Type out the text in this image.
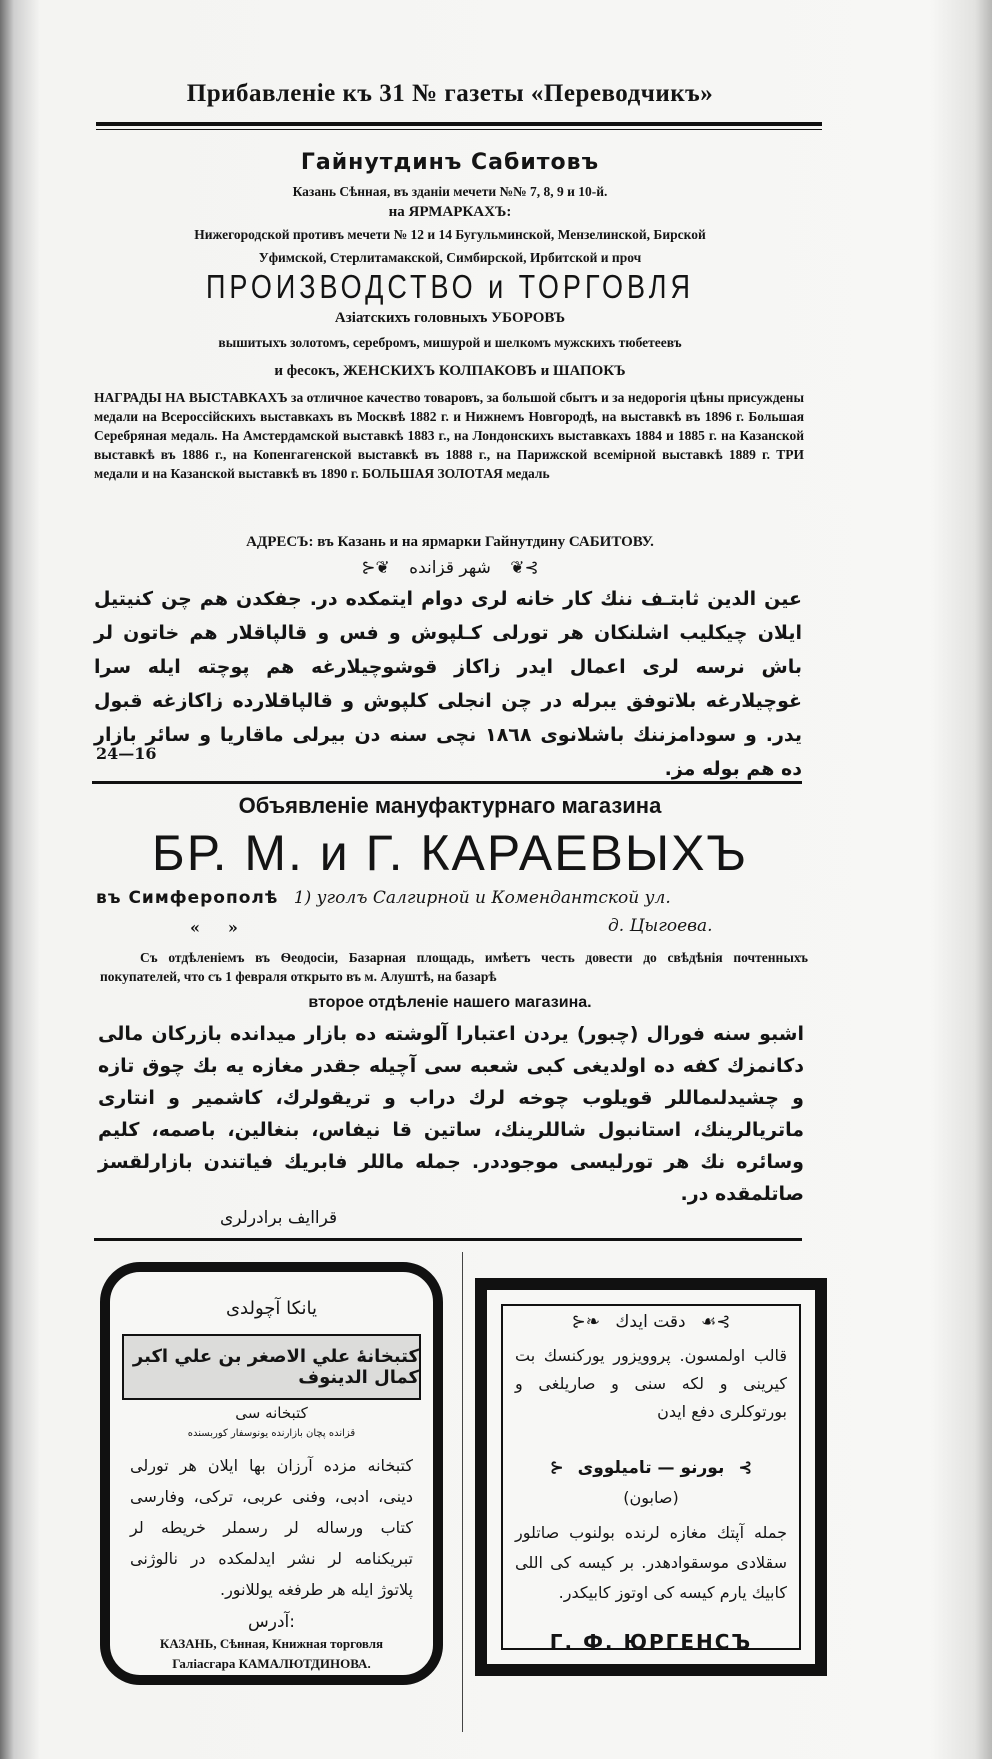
Прибавленіе къ 31 № газеты «Переводчикъ»
Гайнутдинъ Сабитовъ
Казань Сѣнная, въ зданіи мечети №№ 7, 8, 9 и 10-й.
на ЯРМАРКАХЪ:
Нижегородской противъ мечети № 12 и 14 Бугульминской, Мензелинской, Бирской
Уфимской, Стерлитамакской, Симбирской, Ирбитской и проч
ПРОИЗВОДСТВО и ТОРГОВЛЯ
Азіатскихъ головныхъ УБОРОВЪ
вышитыхъ золотомъ, серебромъ, мишурой и шелкомъ мужскихъ тюбетеевъ
и фесокъ, ЖЕНСКИХЪ КОЛПАКОВЪ и ШАПОКЪ
НАГРАДЫ НА ВЫСТАВКАХЪ за отличное качество товаровъ, за большой сбытъ и за недорогія цѣны присуждены медали на Всероссійскихъ выставкахъ въ Москвѣ 1882 г. и Нижнемъ Новгородѣ, на выставкѣ въ 1896 г. Большая Серебряная медаль. На Амстердамской выставкѣ 1883 г., на Лондонскихъ выставкахъ 1884 и 1885 г. на Казанской выставкѣ въ 1886 г., на Копенгагенской выставкѣ въ 1888 г., на Парижской всемірной выставкѣ 1889 г. ТРИ медали и на Казанской выставкѣ въ 1890 г. БОЛЬШАЯ ЗОЛОТАЯ медаль
АДРЕСЪ: въ Казань и на ярмарки Гайнутдину САБИТОВУ.
⊱❦ شهر قزانده ❦⊰
عين الدين ثابتـف ننك كار خانه لرى دوام ايتمكده در. جفكدن هم چن كنيتيل ايلان چيكليب اشلنكان هر تورلى كـلپوش و فس و قالپاقلار هم خاتون لر باش نرسه لرى اعمال ايدر زاكاز قوشوچيلارغه هم پوچته ايله سرا غوچيلارغه بلاتوفق يبرله در چن انجلى كلپوش و قالپاقلارده زاكازغه قبول يدر. و سودامزننك باشلانوى ۱۸٦۸ نچى سنه دن بيرلى ماقاريا و سائر بازار ده هم بوله مز.
24—16
Объявленіе мануфактурнаго магазина
БР. М. и Г. КАРАЕВЫХЪ
въ Симферополѣ 1) уголъ Салгирной и Комендантской ул.
«     »	д. Цыгоева.
Съ отдѣленіемъ въ Ѳеодосіи, Базарная площадь, имѣетъ честь довести до свѣдѣнія почтенныхъ покупателей, что съ 1 февраля открыто въ м. Алуштѣ, на базарѣ
второе отдѣленіе нашего магазина.
اشبو سنه فورال (چبور) يردن اعتبارا آلوشته ده بازار ميدانده بازركان مالى دكانمزك كفه ده اولديغى كبى شعبه سى آچيله جقدر مغازه يه بك چوق تازه و چشيدلىماللر قويلوب چوخه لرك دراب و تريقولرك، كاشمير و انتارى ماتريالرينك، استانبول شاللرينك، ساتين قا نيفاس، بنغالين، باصمه، كليم وسائره نك هر تورليسى موجوددر. جمله ماللر فابريك فياتندن بازارلقسز صاتلمقده در.
قراايف برادرلرى
يانكا آچولدى
كتبخانهٔ علي الاصغر بن علي اكبر كمال الدينوف
كتبخانه سى
قزانده پچان بازارنده يونوسفار كوربسنده
كتبخانه مزده آرزان بها ايلان هر تورلى دينى، ادبى، وفنى عربى، تركى، وفارسى كتاب ورساله لر رسملر خريطه لر تبريكنامه لر نشر ايدلمكده در نالوژنى پلاتوژ ايله هر طرفغه يوللانور.
آدرس:
КАЗАНЬ, Сѣнная, Книжная торговля
Галіасгара КАМАЛЮТДИНОВА.
⊱❧ دقت ايدك ☙⊰
قالب اولمسون. پروويزور يوركنسك بت كيرينى و لكه سنى و صاريلغى و بورتوكلرى دفع ايدن
⊱ بورنو — تاميلووى ⊰
(صابون)
جمله آپتك مغازه لرنده بولنوب صاتلور سقلادى موسقوادهدر. بر كيسه كى اللى كابيك يارم كيسه كى اوتوز كابيكدر.
Г. Ф. ЮРГЕНСЪ
